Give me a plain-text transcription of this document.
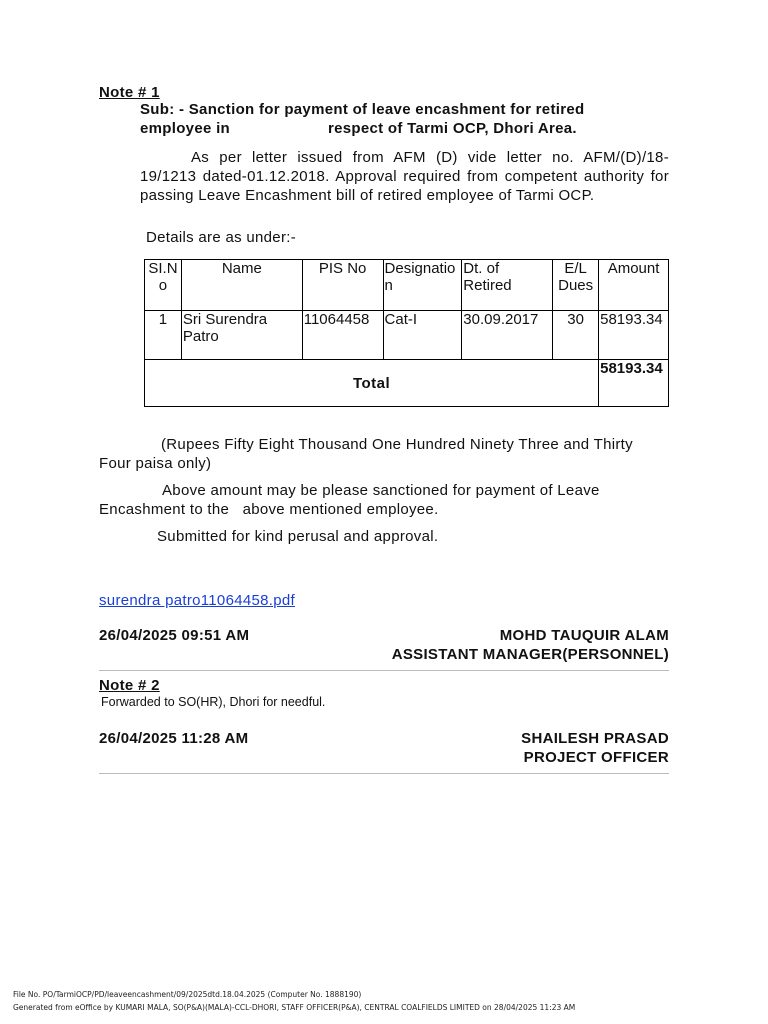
Note # 1
Sub: - Sanction for payment of leave encashment for retired
employee in	respect of Tarmi OCP, Dhori Area.
As per letter issued from AFM (D) vide letter no. AFM/(D)/18-
19/1213 dated-01.12.2018. Approval required from competent authority for passing Leave Encashment bill of retired employee of Tarmi OCP.
Details are as under:-
SI.No	Name	PIS No	Designation	Dt. of Retired	E/L Dues	Amount
1	Sri Surendra Patro	11064458	Cat-I	30.09.2017	30	58193.34
Total						58193.34
(Rupees Fifty Eight Thousand One Hundred Ninety Three and Thirty
Four paisa only)
Above amount may be please sanctioned for payment of Leave
Encashment to the   above mentioned employee.
Submitted for kind perusal and approval.
surendra patro11064458.pdf
26/04/2025 09:51 AM	MOHD TAUQUIR ALAM
ASSISTANT MANAGER(PERSONNEL)
Note # 2
Forwarded to SO(HR), Dhori for needful.
26/04/2025 11:28 AM	SHAILESH PRASAD
PROJECT OFFICER
File No. PO/TarmiOCP/PD/leaveencashment/09/2025dtd.18.04.2025 (Computer No. 1888190)
Generated from eOffice by KUMARI MALA, SO(P&A)(MALA)-CCL-DHORI, STAFF OFFICER(P&A), CENTRAL COALFIELDS LIMITED on 28/04/2025 11:23 AM
